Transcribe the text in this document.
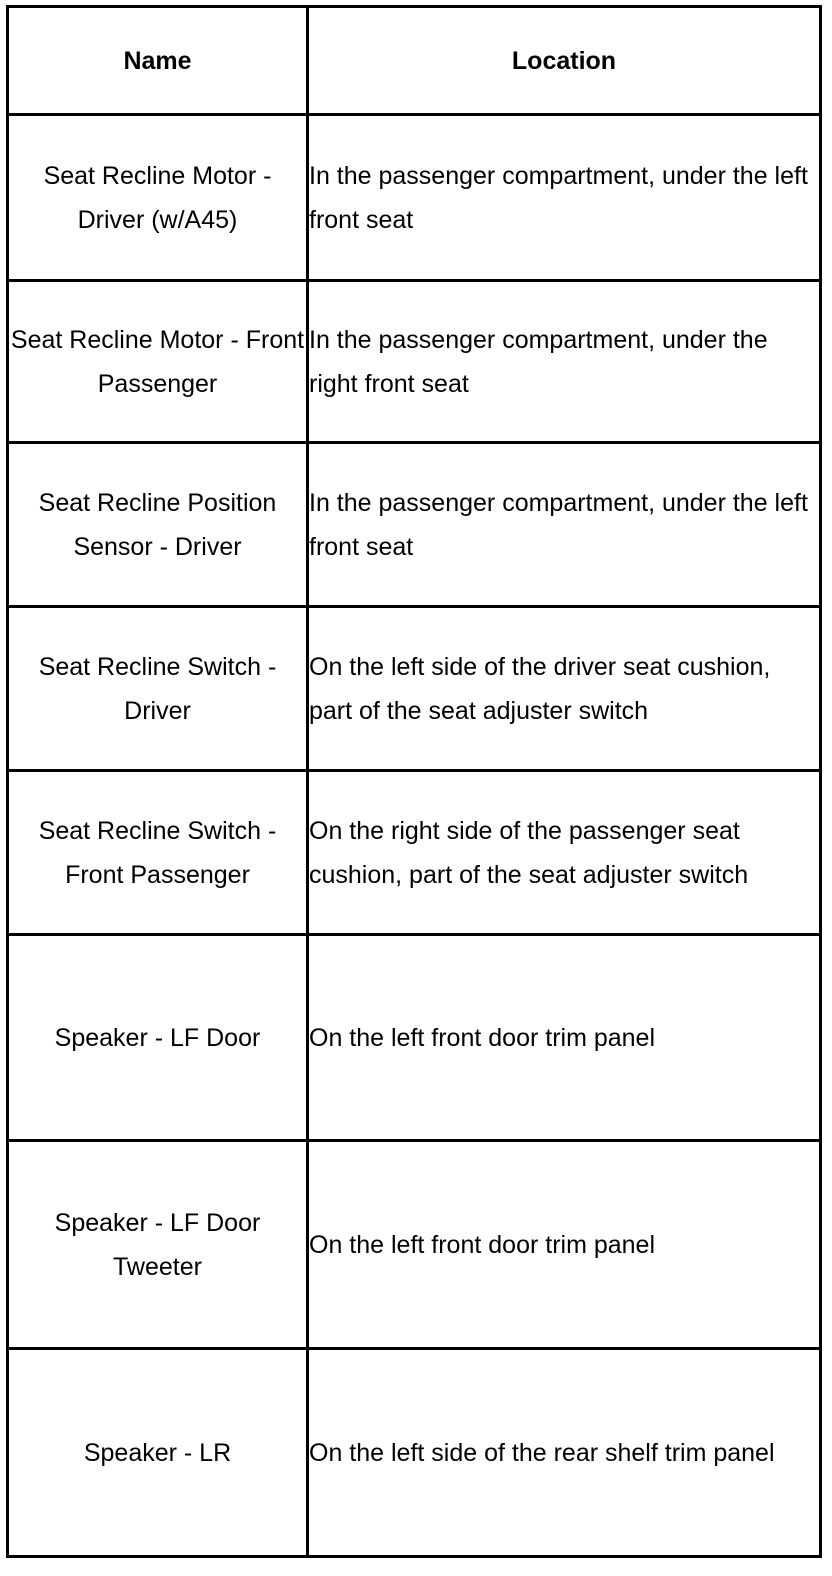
Name	Location
Seat Recline Motor - Driver (w/A45)	In the passenger compartment, under the left front seat
Seat Recline Motor - Front Passenger	In the passenger compartment, under the right front seat
Seat Recline Position Sensor - Driver	In the passenger compartment, under the left front seat
Seat Recline Switch - Driver	On the left side of the driver seat cushion, part of the seat adjuster switch
Seat Recline Switch - Front Passenger	On the right side of the passenger seat cushion, part of the seat adjuster switch
Speaker - LF Door	On the left front door trim panel
Speaker - LF Door Tweeter	On the left front door trim panel
Speaker - LR	On the left side of the rear shelf trim panel
